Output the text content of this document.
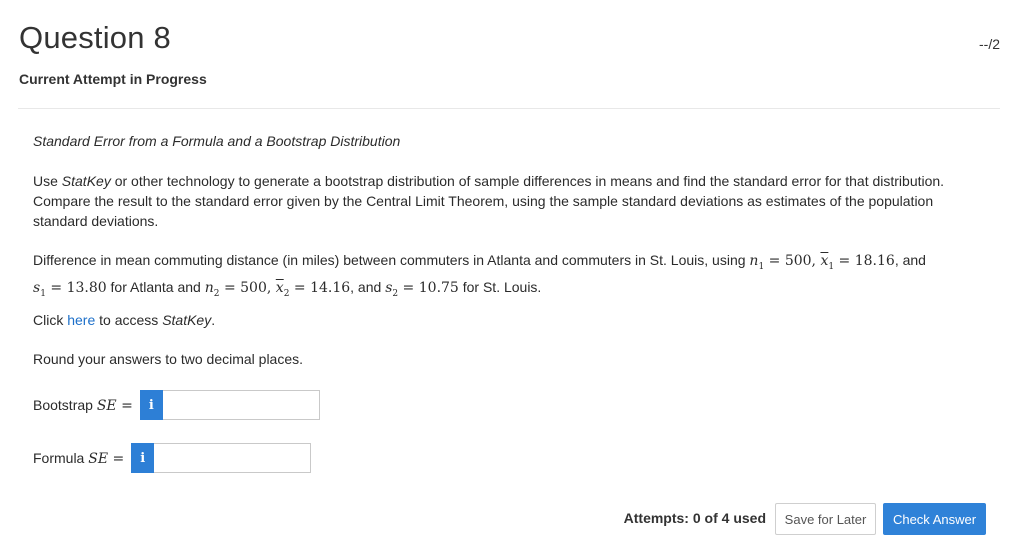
Question 8	--/2
Current Attempt in Progress

Standard Error from a Formula and a Bootstrap Distribution

Use StatKey or other technology to generate a bootstrap distribution of sample differences in means and find the standard error for that distribution. Compare the result to the standard error given by the Central Limit Theorem, using the sample standard deviations as estimates of the population standard deviations.

Difference in mean commuting distance (in miles) between commuters in Atlanta and commuters in St. Louis, using $n_1 = 500$, $\overline{x}_1 = 18.16$, and
$s_1 = 13.80$ for Atlanta and $n_2 = 500$, $\overline{x}_2 = 14.16$, and $s_2 = 10.75$ for St. Louis.

Click here to access StatKey.

Round your answers to two decimal places.

Bootstrap SE =	i
Formula SE =	i
Attempts: 0 of 4 used	Save for Later	Check Answer
